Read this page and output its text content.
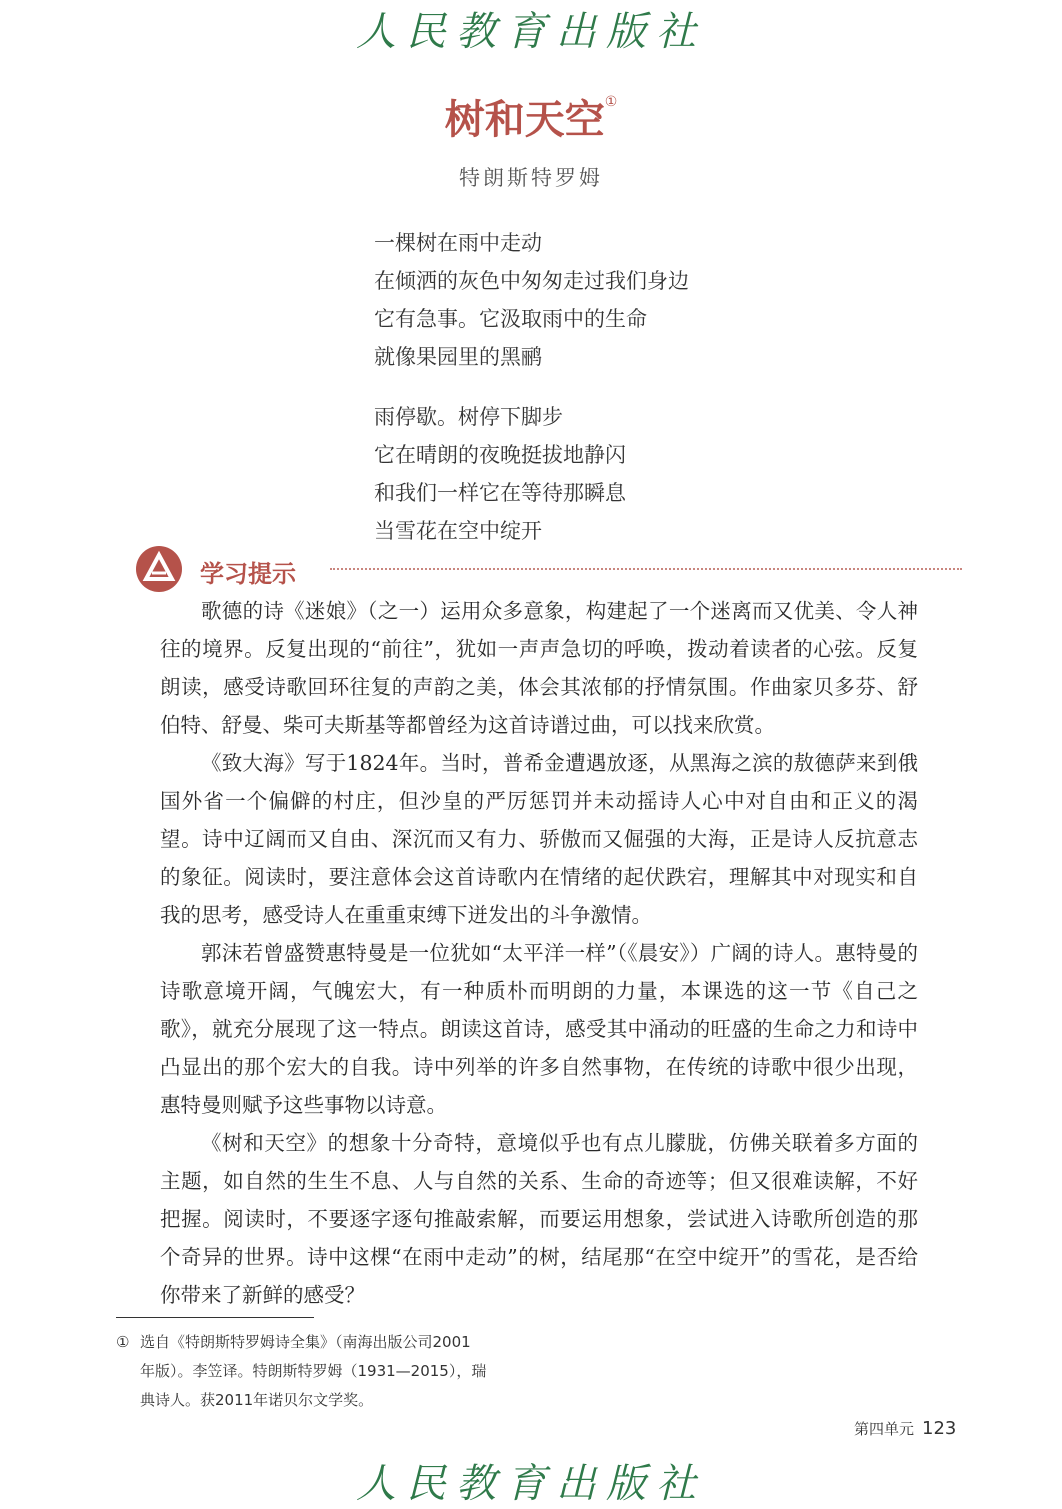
人民教育出版社
树和天空①
特朗斯特罗姆
一棵树在雨中走动
在倾洒的灰色中匆匆走过我们身边
它有急事。它汲取雨中的生命
就像果园里的黑鹂
雨停歇。树停下脚步
它在晴朗的夜晚挺拔地静闪
和我们一样它在等待那瞬息
当雪花在空中绽开
学习提示

歌德的诗《迷娘》（之一）运用众多意象，构建起了一个迷离而又优美、令人神往的境界。反复出现的“前往”，犹如一声声急切的呼唤，拨动着读者的心弦。反复朗读，感受诗歌回环往复的声韵之美，体会其浓郁的抒情氛围。作曲家贝多芬、舒伯特、舒曼、柴可夫斯基等都曾经为这首诗谱过曲，可以找来欣赏。

《致大海》写于1824年。当时，普希金遭遇放逐，从黑海之滨的敖德萨来到俄国外省一个偏僻的村庄，但沙皇的严厉惩罚并未动摇诗人心中对自由和正义的渴望。诗中辽阔而又自由、深沉而又有力、骄傲而又倔强的大海，正是诗人反抗意志的象征。阅读时，要注意体会这首诗歌内在情绪的起伏跌宕，理解其中对现实和自我的思考，感受诗人在重重束缚下迸发出的斗争激情。

郭沫若曾盛赞惠特曼是一位犹如“太平洋一样”（《晨安》）广阔的诗人。惠特曼的诗歌意境开阔，气魄宏大，有一种质朴而明朗的力量，本课选的这一节《自己之歌》，就充分展现了这一特点。朗读这首诗，感受其中涌动的旺盛的生命之力和诗中凸显出的那个宏大的自我。诗中列举的许多自然事物，在传统的诗歌中很少出现，惠特曼则赋予这些事物以诗意。

《树和天空》的想象十分奇特，意境似乎也有点儿朦胧，仿佛关联着多方面的主题，如自然的生生不息、人与自然的关系、生命的奇迹等；但又很难读解，不好把握。阅读时，不要逐字逐句推敲索解，而要运用想象，尝试进入诗歌所创造的那个奇异的世界。诗中这棵“在雨中走动”的树，结尾那“在空中绽开”的雪花，是否给你带来了新鲜的感受？

① 选自《特朗斯特罗姆诗全集》（南海出版公司2001
年版）。李笠译。特朗斯特罗姆（1931—2015），瑞
典诗人。获2011年诺贝尔文学奖。
第四单元 123
人民教育出版社
